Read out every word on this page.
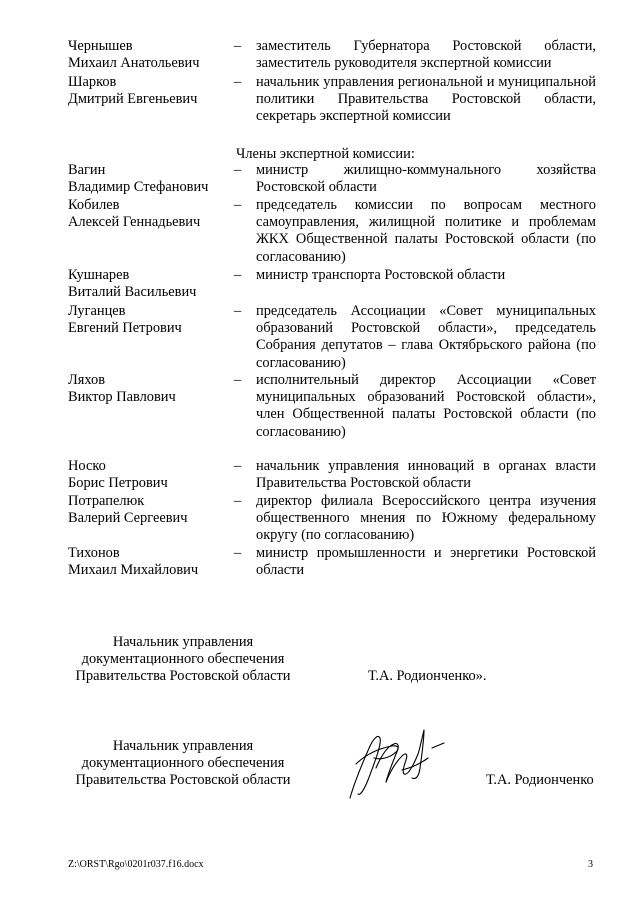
Чернышев
Михаил Анатольевич
– заместитель Губернатора Ростовской области, заместитель руководителя экспертной комиссии
Шарков
Дмитрий Евгеньевич
– начальник управления региональной и муниципальной политики Правительства Ростовской области, секретарь экспертной комиссии
Члены экспертной комиссии:
Вагин
Владимир Стефанович
– министр жилищно-коммунального хозяйства Ростовской области
Кобилев
Алексей Геннадьевич
– председатель комиссии по вопросам местного самоуправления, жилищной политике и проблемам ЖКХ Общественной палаты Ростовской области (по согласованию)
Кушнарев
Виталий Васильевич
– министр транспорта Ростовской области
Луганцев
Евгений Петрович
– председатель Ассоциации «Совет муниципальных образований Ростовской области», председатель Собрания депутатов – глава Октябрьского района (по согласованию)
Ляхов
Виктор Павлович
– исполнительный директор Ассоциации «Совет муниципальных образований Ростовской области», член Общественной палаты Ростовской области (по согласованию)
Носко
Борис Петрович
– начальник управления инноваций в органах власти Правительства Ростовской области
Потрапелюк
Валерий Сергеевич
– директор филиала Всероссийского центра изучения общественного мнения по Южному федеральному округу (по согласованию)
Тихонов
Михаил Михайлович
– министр промышленности и энергетики Ростовской области
Начальник управления
документационного обеспечения
Правительства Ростовской области	Т.А. Родионченко».
Начальник управления
документационного обеспечения
Правительства Ростовской области	Т.А. Родионченко
Z:\ORST\Rgo\0201r037.f16.docx	3
